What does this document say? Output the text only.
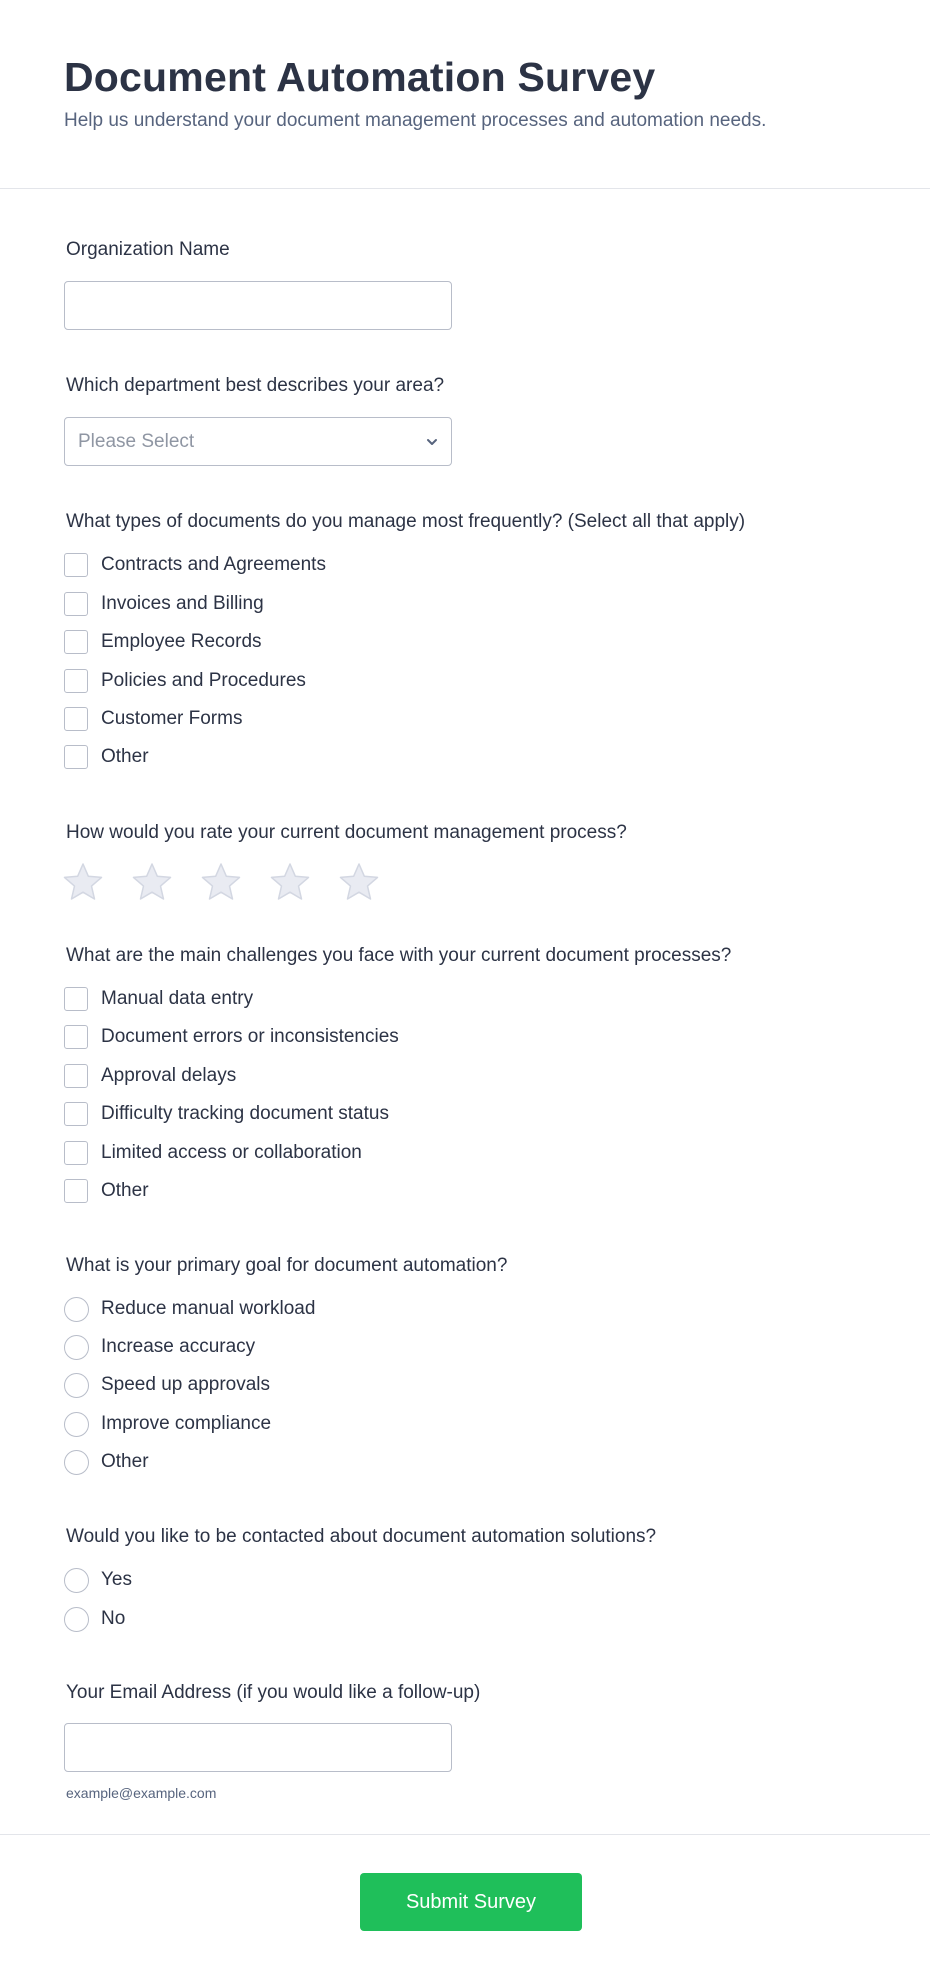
Document Automation Survey
Help us understand your document management processes and automation needs.
Organization Name
Which department best describes your area?
Please Select
What types of documents do you manage most frequently? (Select all that apply)
Contracts and Agreements
Invoices and Billing
Employee Records
Policies and Procedures
Customer Forms
Other
How would you rate your current document management process?
What are the main challenges you face with your current document processes?
Manual data entry
Document errors or inconsistencies
Approval delays
Difficulty tracking document status
Limited access or collaboration
Other
What is your primary goal for document automation?
Reduce manual workload
Increase accuracy
Speed up approvals
Improve compliance
Other
Would you like to be contacted about document automation solutions?
Yes
No
Your Email Address (if you would like a follow-up)
example@example.com
Submit Survey
